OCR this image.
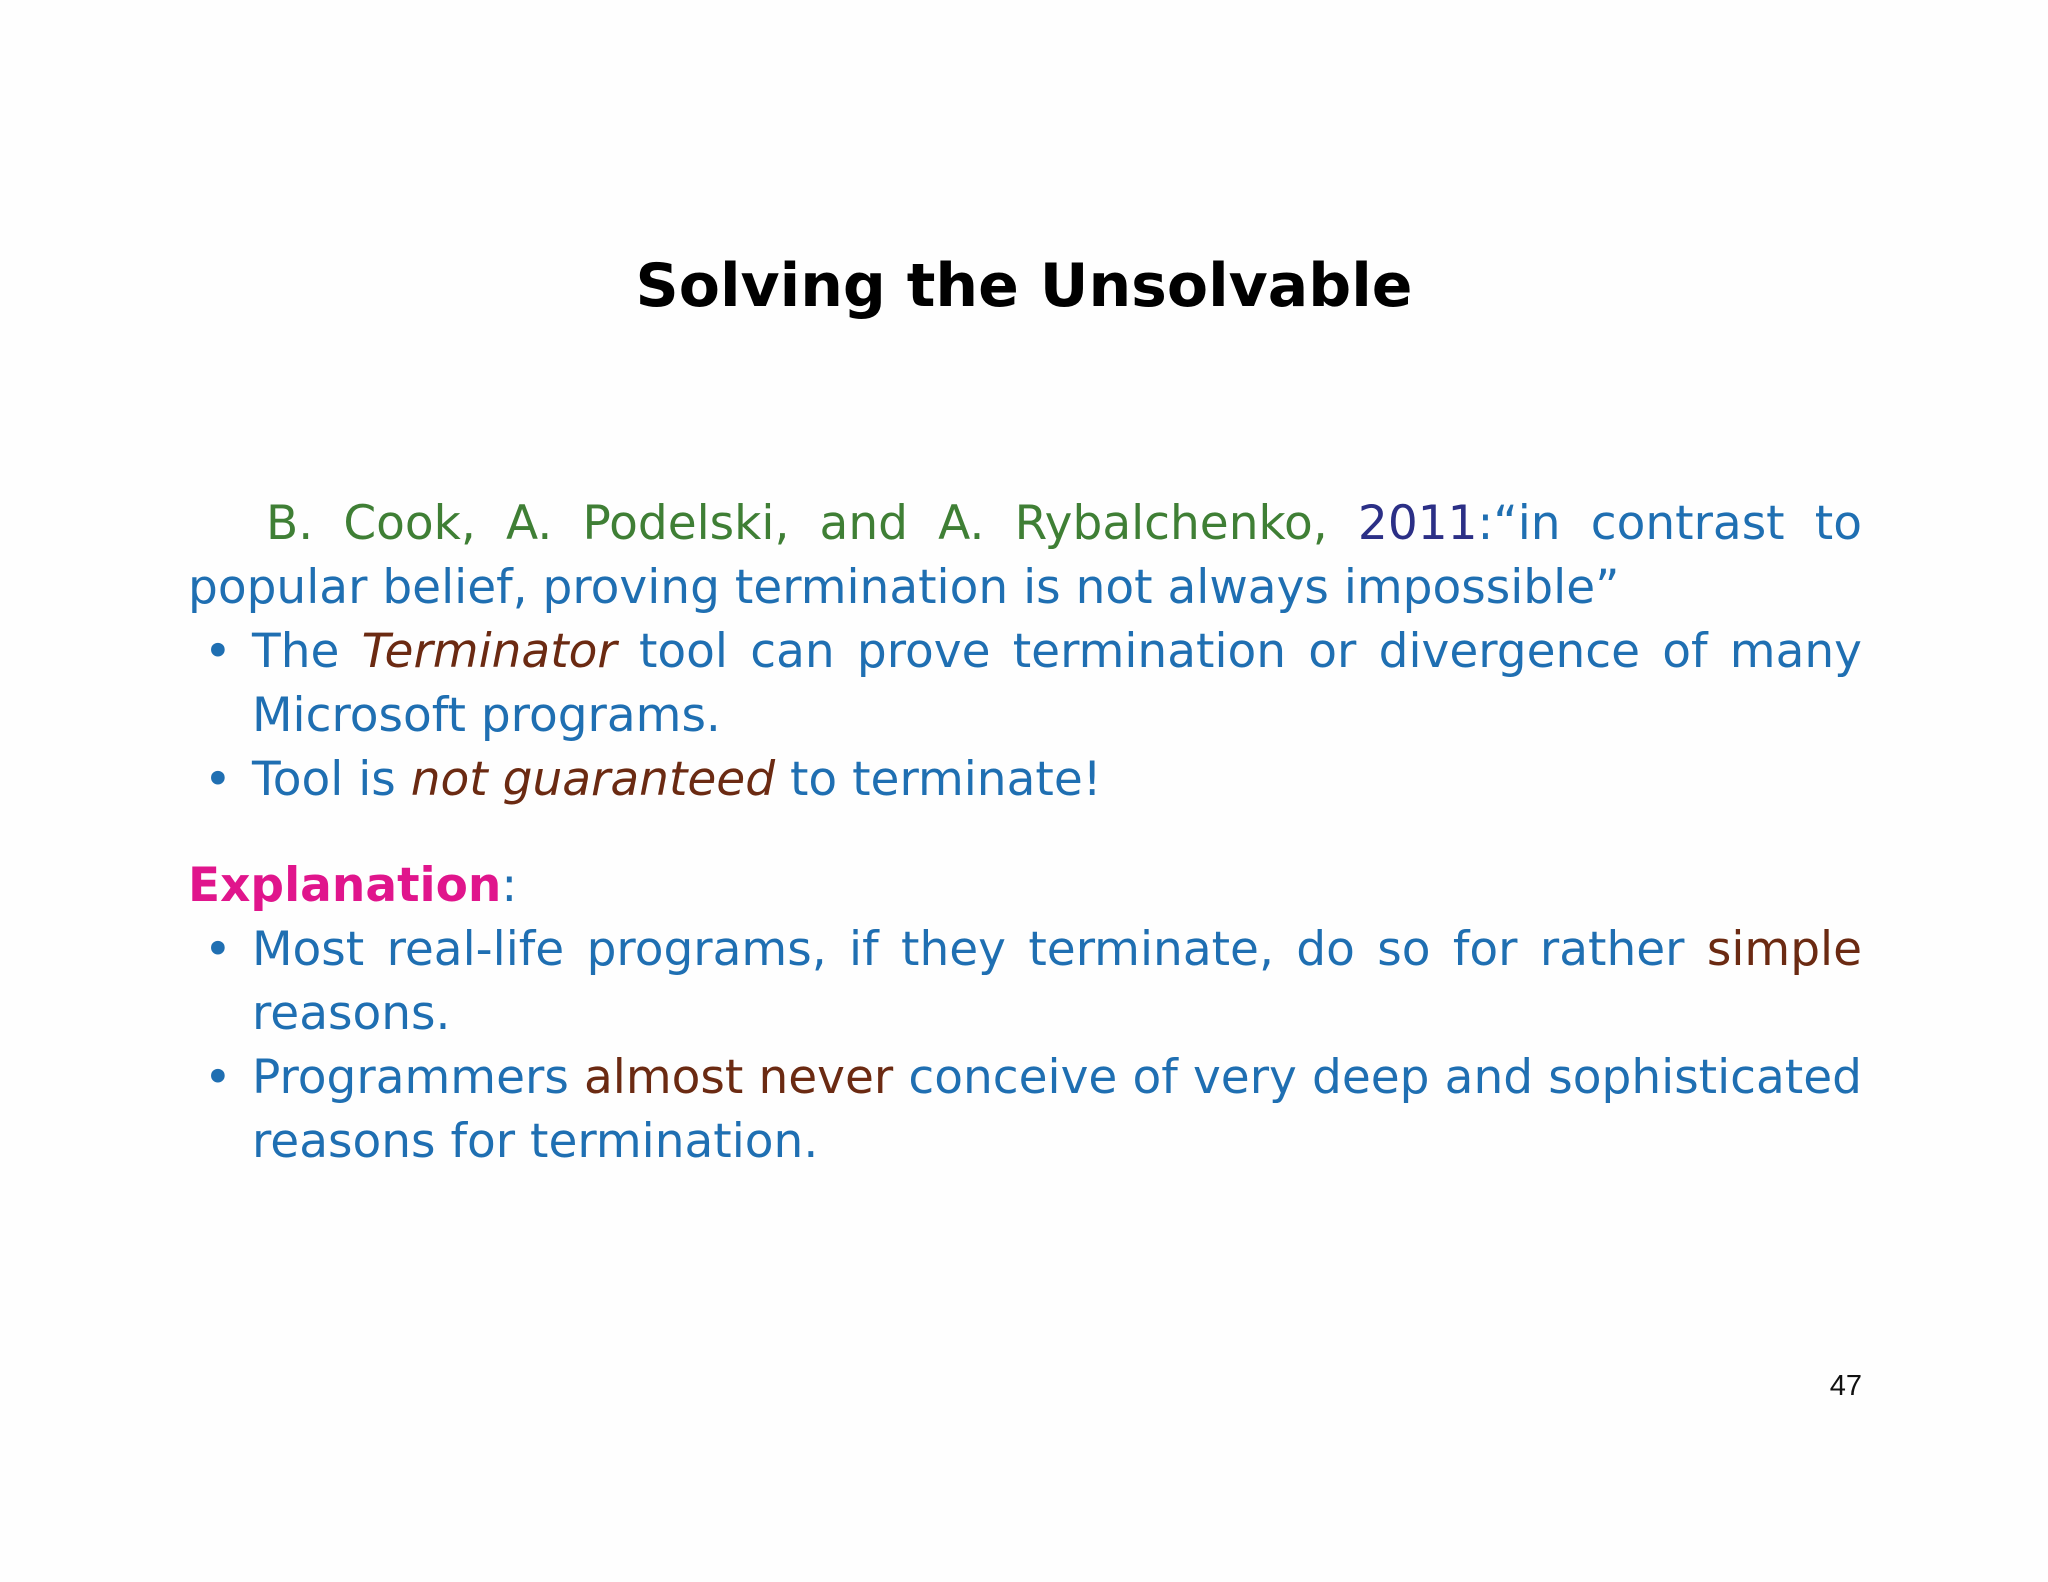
Solving the Unsolvable

B. Cook, A. Podelski, and A. Rybalchenko, 2011:“in contrast to popular belief, proving termination is not always impossible”

• The Terminator tool can prove termination or divergence of many Microsoft programs.
• Tool is not guaranteed to terminate!
Explanation:
• Most real-life programs, if they terminate, do so for rather simple reasons.
• Programmers almost never conceive of very deep and sophisticated reasons for termination.
47
